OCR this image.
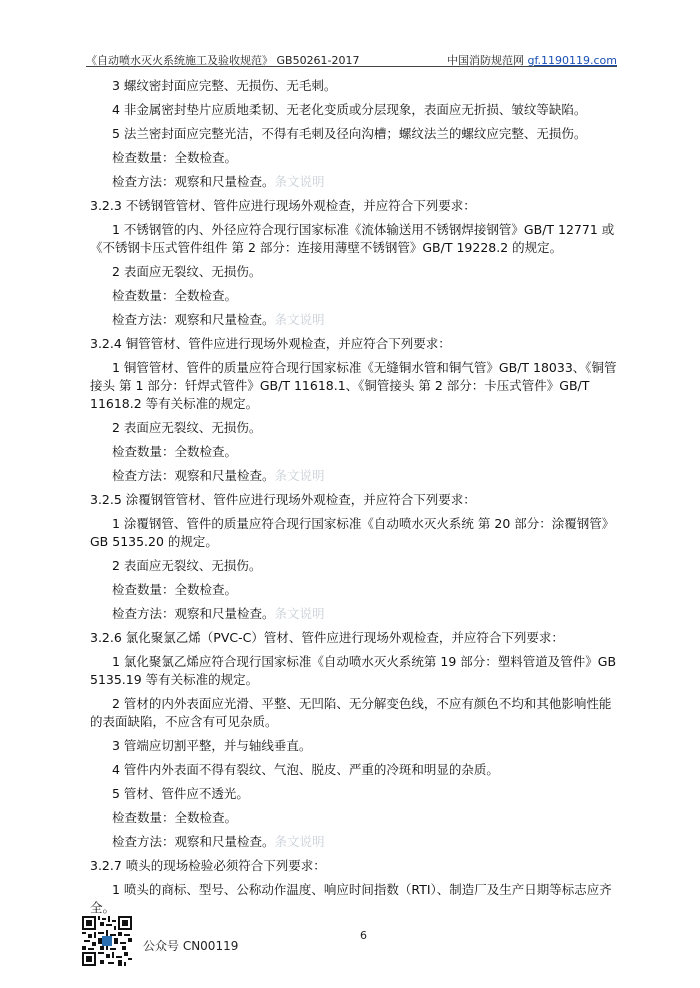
《自动喷水灭火系统施工及验收规范》 GB50261-2017	中国消防规范网 gf.1190119.com

3 螺纹密封面应完整、无损伤、无毛刺。

4 非金属密封垫片应质地柔韧、无老化变质或分层现象，表面应无折损、皱纹等缺陷。

5 法兰密封面应完整光洁，不得有毛刺及径向沟槽；螺纹法兰的螺纹应完整、无损伤。

检查数量：全数检查。

检查方法：观察和尺量检查。条文说明

3.2.3 不锈钢管管材、管件应进行现场外观检查，并应符合下列要求：

1 不锈钢管的内、外径应符合现行国家标准《流体输送用不锈钢焊接钢管》GB/T 12771 或《不锈钢卡压式管件组件 第 2 部分：连接用薄壁不锈钢管》GB/T 19228.2 的规定。

2 表面应无裂纹、无损伤。

检查数量：全数检查。

检查方法：观察和尺量检查。条文说明

3.2.4 铜管管材、管件应进行现场外观检查，并应符合下列要求：

1 铜管管材、管件的质量应符合现行国家标准《无缝铜水管和铜气管》GB/T 18033、《铜管接头 第 1 部分：钎焊式管件》GB/T 11618.1、《铜管接头 第 2 部分：卡压式管件》GB/T 11618.2 等有关标准的规定。

2 表面应无裂纹、无损伤。

检查数量：全数检查。

检查方法：观察和尺量检查。条文说明

3.2.5 涂覆钢管管材、管件应进行现场外观检查，并应符合下列要求：

1 涂覆钢管、管件的质量应符合现行国家标准《自动喷水灭火系统 第 20 部分：涂覆钢管》GB 5135.20 的规定。

2 表面应无裂纹、无损伤。

检查数量：全数检查。

检查方法：观察和尺量检查。条文说明

3.2.6 氯化聚氯乙烯（PVC-C）管材、管件应进行现场外观检查，并应符合下列要求：

1 氯化聚氯乙烯应符合现行国家标准《自动喷水灭火系统第 19 部分：塑料管道及管件》GB 5135.19 等有关标准的规定。

2 管材的内外表面应光滑、平整、无凹陷、无分解变色线，不应有颜色不均和其他影响性能的表面缺陷，不应含有可见杂质。

3 管端应切割平整，并与轴线垂直。

4 管件内外表面不得有裂纹、气泡、脱皮、严重的冷斑和明显的杂质。

5 管材、管件应不透光。

检查数量：全数检查。

检查方法：观察和尺量检查。条文说明

3.2.7 喷头的现场检验必须符合下列要求：

1 喷头的商标、型号、公称动作温度、响应时间指数（RTI）、制造厂及生产日期等标志应齐全。

公众号 CN00119
6
